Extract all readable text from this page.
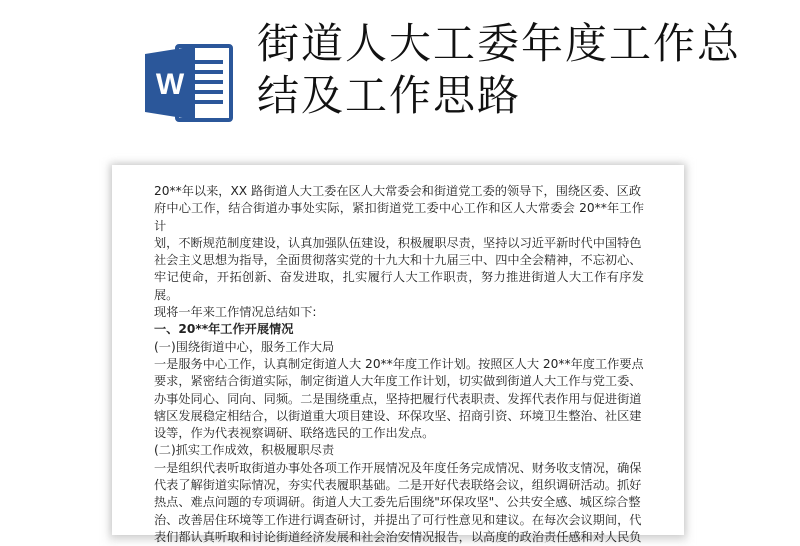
W
街道人大工委年度工作总结及工作思路

20**年以来，XX 路街道人大工委在区人大常委会和街道党工委的领导下，围绕区委、区政

府中心工作，结合街道办事处实际，紧扣街道党工委中心工作和区人大常委会 20**年工作计

划，不断规范制度建设，认真加强队伍建设，积极履职尽责，坚持以习近平新时代中国特色

社会主义思想为指导，全面贯彻落实党的十九大和十九届三中、四中全会精神，不忘初心、

牢记使命，开拓创新、奋发进取，扎实履行人大工作职责，努力推进街道人大工作有序发展。

现将一年来工作情况总结如下:

一、20**年工作开展情况

(一)围绕街道中心，服务工作大局

一是服务中心工作，认真制定街道人大 20**年度工作计划。按照区人大 20**年度工作要点

要求，紧密结合街道实际，制定街道人大年度工作计划，切实做到街道人大工作与党工委、

办事处同心、同向、同频。二是围绕重点，坚持把履行代表职责、发挥代表作用与促进街道

辖区发展稳定相结合，以街道重大项目建设、环保攻坚、招商引资、环境卫生整治、社区建

设等，作为代表视察调研、联络选民的工作出发点。

(二)抓实工作成效，积极履职尽责

一是组织代表听取街道办事处各项工作开展情况及年度任务完成情况、财务收支情况，确保

代表了解街道实际情况，夯实代表履职基础。二是开好代表联络会议，组织调研活动。抓好

热点、难点问题的专项调研。街道人大工委先后围绕"环保攻坚"、公共安全感、城区综合整

治、改善居住环境等工作进行调查研讨，并提出了可行性意见和建议。在每次会议期间，代

表们都认真听取和讨论街道经济发展和社会治安情况报告，以高度的政治责任感和对人民负
